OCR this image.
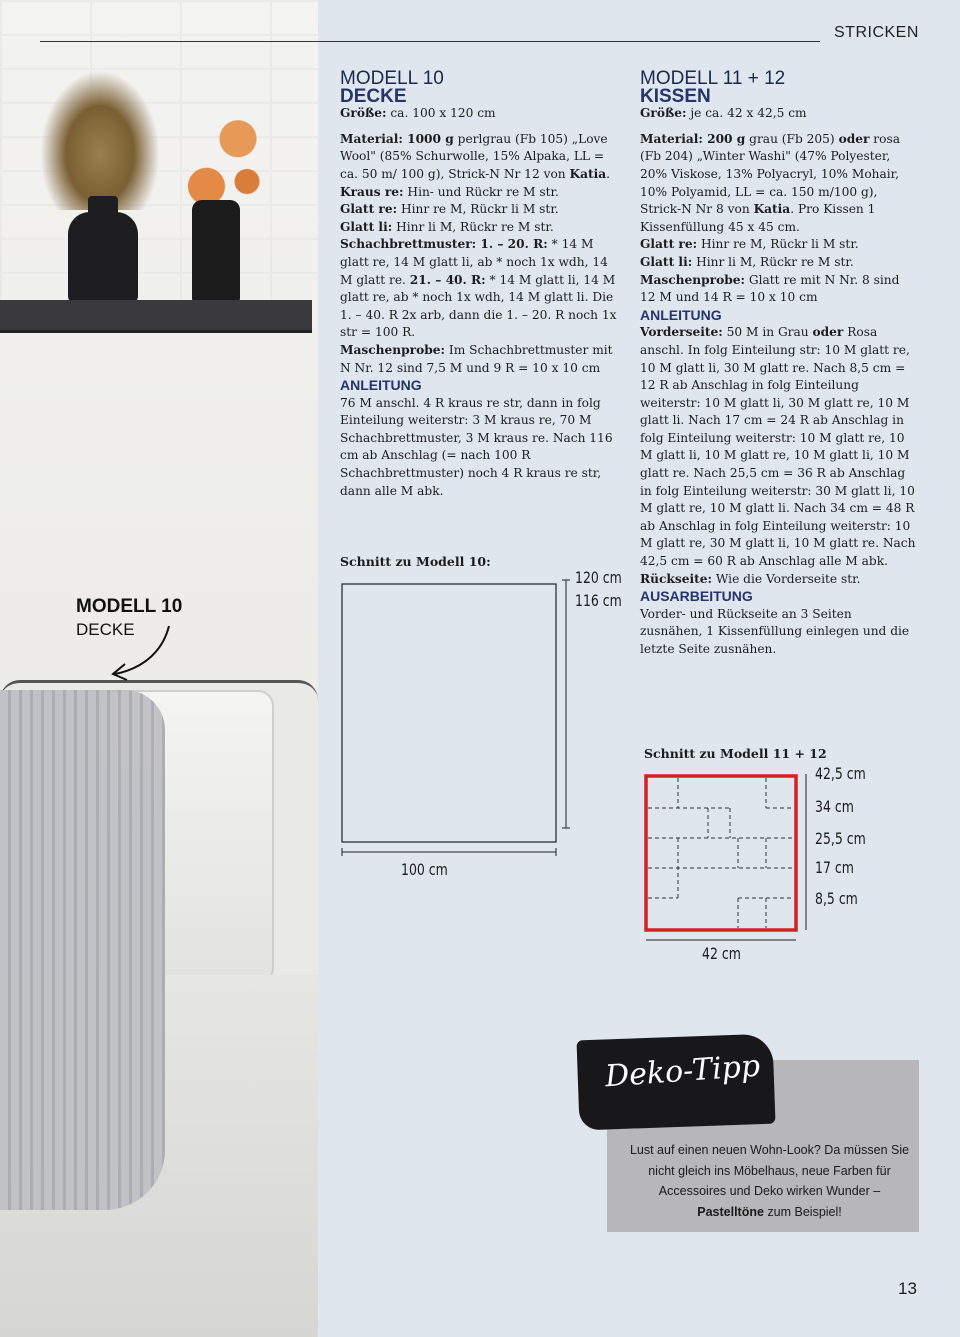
MODELL 10
DECKE
STRICKEN

MODELL 10

DECKE

Größe: ca. 100 x 120 cm

Material: 1000 g perlgrau (Fb 105) „Love Wool" (85% Schurwolle, 15% Alpaka, LL = ca. 50 m/ 100 g), Strick-N Nr 12 von Katia.

Kraus re: Hin- und Rückr re M str.

Glatt re: Hinr re M, Rückr li M str.

Glatt li: Hinr li M, Rückr re M str.

Schachbrettmuster: 1. – 20. R: * 14 M glatt re, 14 M glatt li, ab * noch 1x wdh, 14 M glatt re. 21. – 40. R: * 14 M glatt li, 14 M glatt re, ab * noch 1x wdh, 14 M glatt li. Die 1. – 40. R 2x arb, dann die 1. – 20. R noch 1x str = 100 R.

Maschenprobe: Im Schachbrettmuster mit N Nr. 12 sind 7,5 M und 9 R = 10 x 10 cm

ANLEITUNG

76 M anschl. 4 R kraus re str, dann in folg Einteilung weiterstr: 3 M kraus re, 70 M Schachbrettmuster, 3 M kraus re. Nach 116 cm ab Anschlag (= nach 100 R Schachbrettmuster) noch 4 R kraus re str, dann alle M abk.

Schnitt zu Modell 10:
120 cm
116 cm
100 cm

MODELL 11 + 12

KISSEN

Größe: je ca. 42 x 42,5 cm

Material: 200 g grau (Fb 205) oder rosa (Fb 204) „Winter Washi" (47% Polyester, 20% Viskose, 13% Polyacryl, 10% Mohair, 10% Polyamid, LL = ca. 150 m/100 g), Strick-N Nr 8 von Katia. Pro Kissen 1 Kissenfüllung 45 x 45 cm.

Glatt re: Hinr re M, Rückr li M str.

Glatt li: Hinr li M, Rückr re M str.

Maschenprobe: Glatt re mit N Nr. 8 sind 12 M und 14 R = 10 x 10 cm

ANLEITUNG

Vorderseite: 50 M in Grau oder Rosa anschl. In folg Einteilung str: 10 M glatt re, 10 M glatt li, 30 M glatt re. Nach 8,5 cm = 12 R ab Anschlag in folg Einteilung weiterstr: 10 M glatt li, 30 M glatt re, 10 M glatt li. Nach 17 cm = 24 R ab Anschlag in folg Einteilung weiterstr: 10 M glatt re, 10 M glatt li, 10 M glatt re, 10 M glatt li, 10 M glatt re. Nach 25,5 cm = 36 R ab Anschlag in folg Einteilung weiterstr: 30 M glatt li, 10 M glatt re, 10 M glatt li. Nach 34 cm = 48 R ab Anschlag in folg Einteilung weiterstr: 10 M glatt re, 30 M glatt li, 10 M glatt re. Nach 42,5 cm = 60 R ab Anschlag alle M abk.

Rückseite: Wie die Vorderseite str.

AUSARBEITUNG

Vorder- und Rückseite an 3 Seiten zusnähen, 1 Kissenfüllung einlegen und die letzte Seite zusnähen.

Schnitt zu Modell 11 + 12
42,5 cm
34 cm
25,5 cm
17 cm
8,5 cm
42 cm
Deko-Tipp
Lust auf einen neuen Wohn-Look? Da müssen Sie nicht gleich ins Möbelhaus, neue Farben für Accessoires und Deko wirken Wunder – Pastelltöne zum Beispiel!
13
